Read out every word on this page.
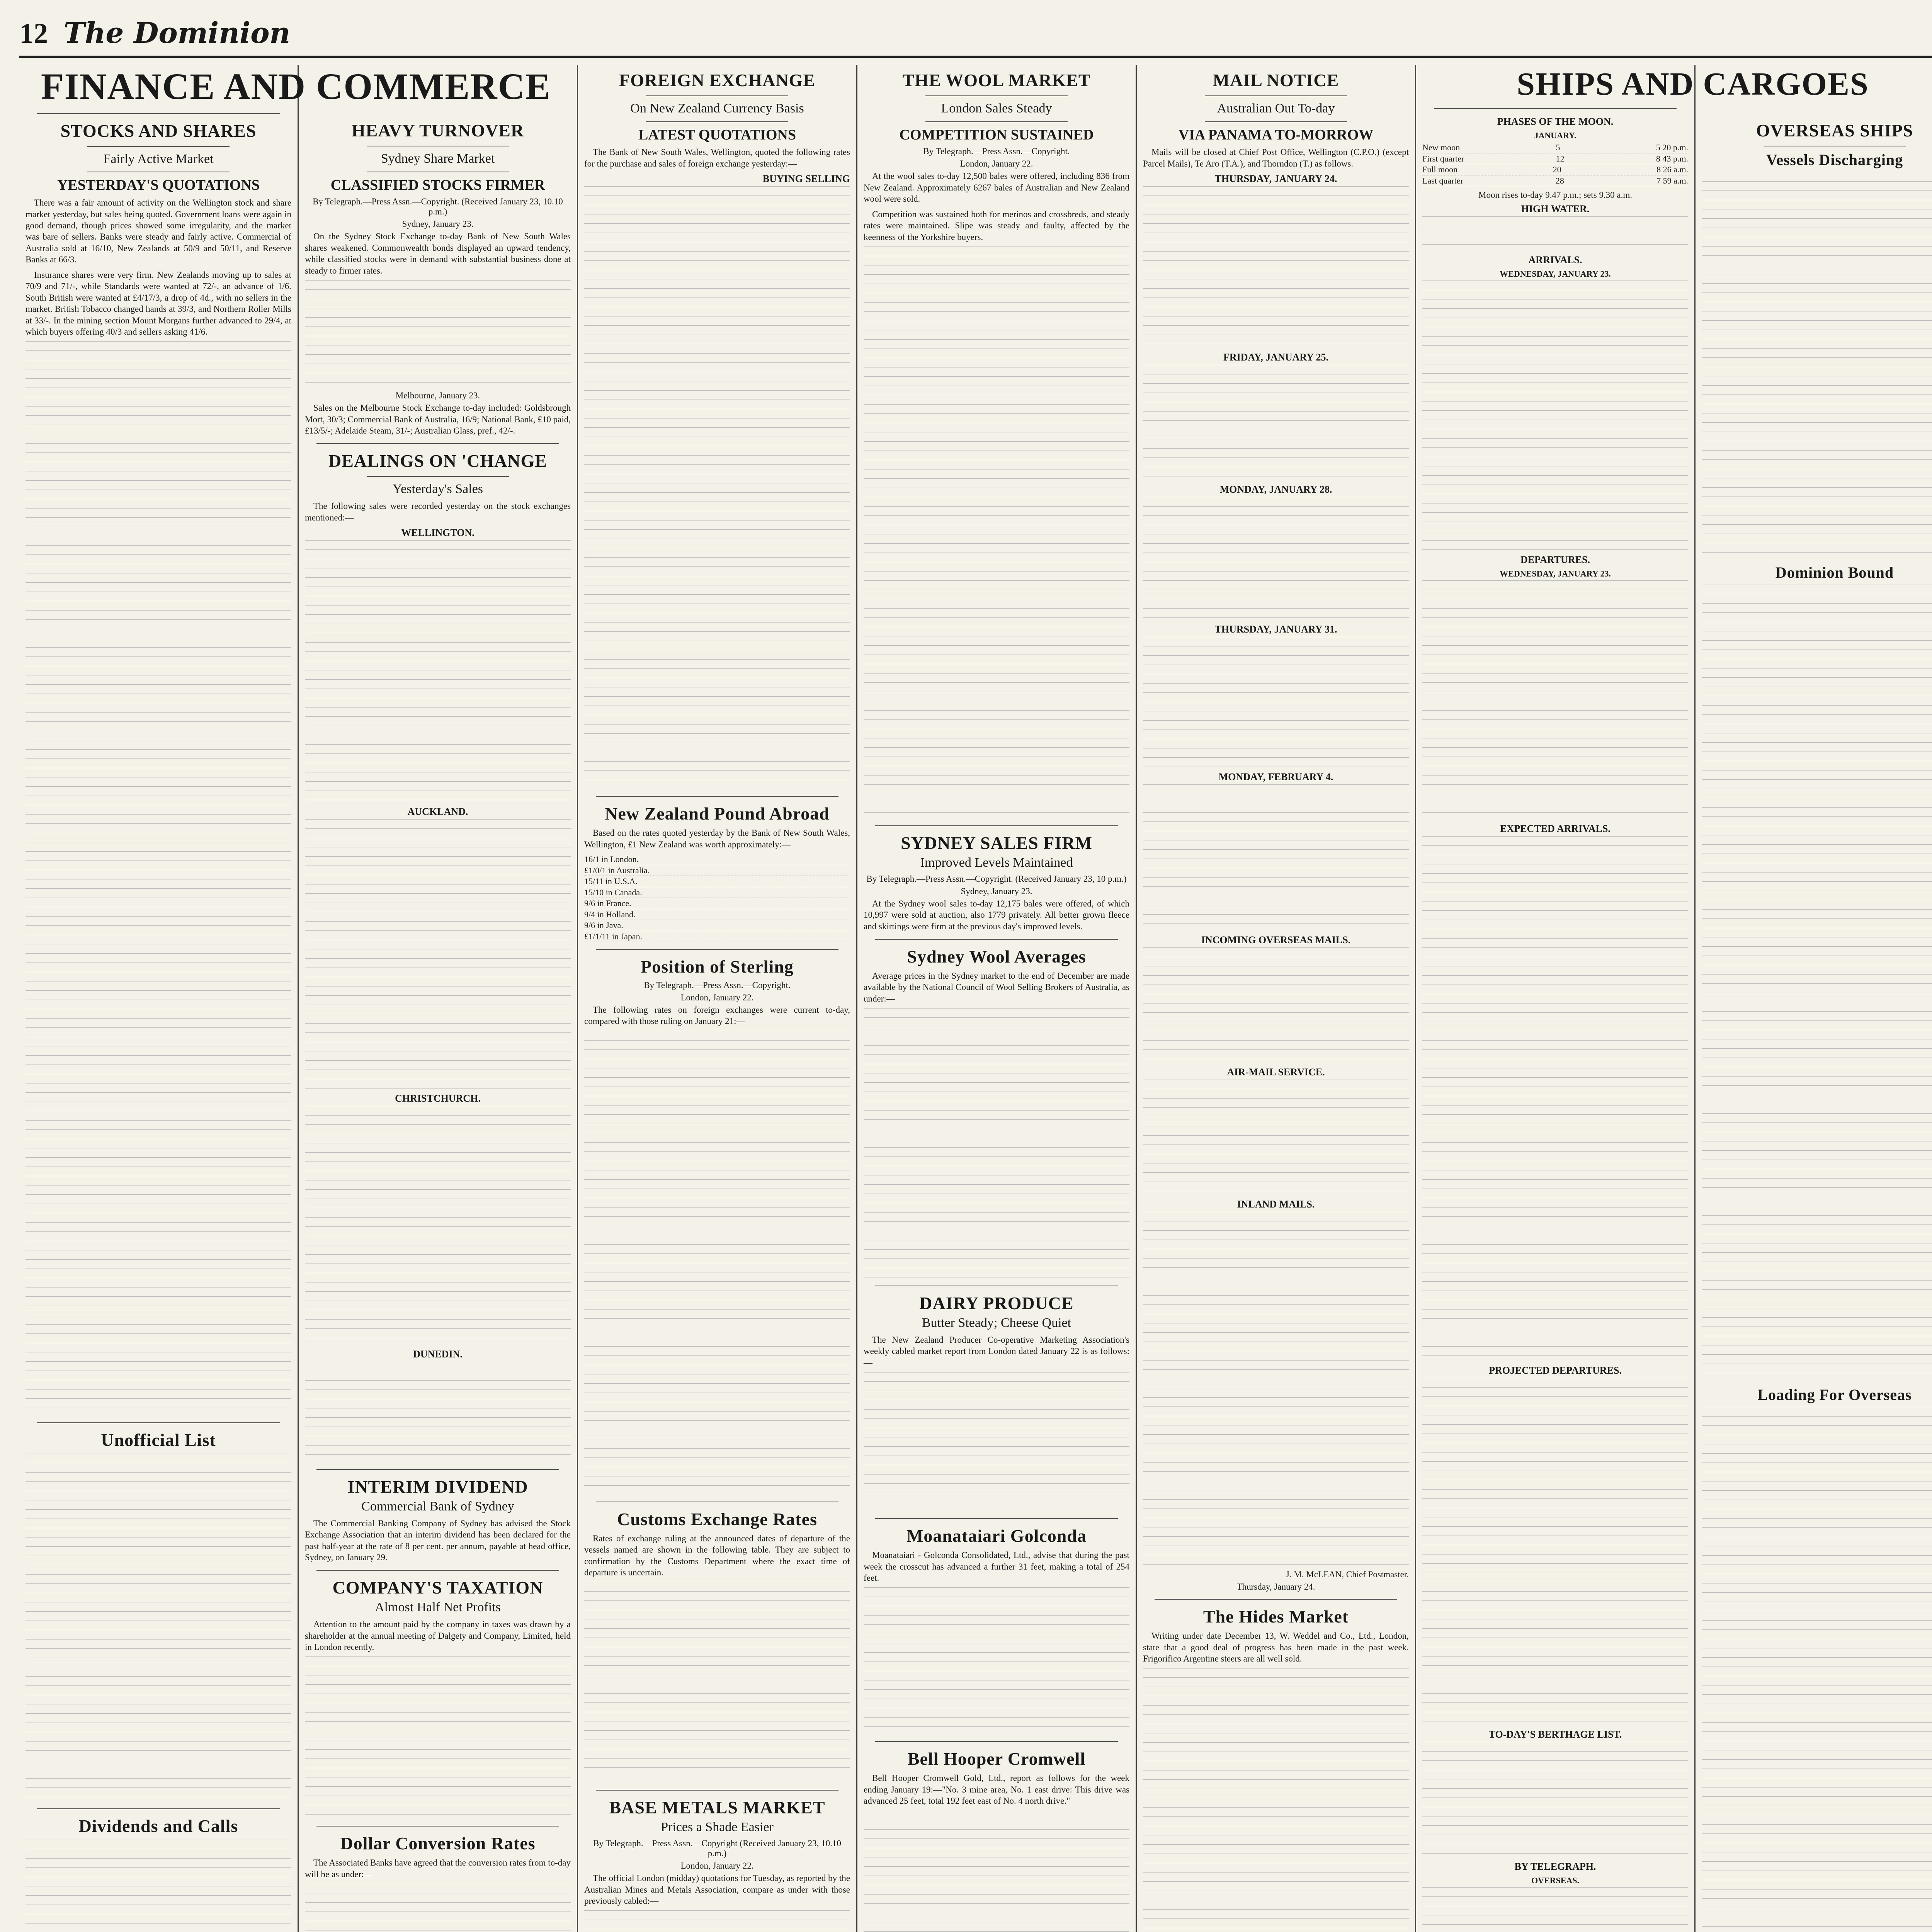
12 The Dominion
FINANCE AND COMMERCE
STOCKS AND SHARES
Fairly Active Market
YESTERDAY'S QUOTATIONS

There was a fair amount of activity on the Wellington stock and share market yesterday, but sales being quoted. Government loans were again in good demand, though prices showed some irregularity, and the market was bare of sellers. Banks were steady and fairly active. Commercial of Australia sold at 16/10, New Zealands at 50/9 and 50/11, and Reserve Banks at 66/3.

Insurance shares were very firm. New Zealands moving up to sales at 70/9 and 71/-, while Standards were wanted at 72/-, an advance of 1/6. South British were wanted at £4/17/3, a drop of 4d., with no sellers in the market. British Tobacco changed hands at 39/3, and Northern Roller Mills at 33/-. In the mining section Mount Morgans further advanced to 29/4, at which buyers offering 40/3 and sellers asking 41/6.

Unofficial List
Dividends and Calls
HEAVY TURNOVER
Sydney Share Market
CLASSIFIED STOCKS FIRMER

By Telegraph.—Press Assn.—Copyright. (Received January 23, 10.10 p.m.)

Sydney, January 23.

On the Sydney Stock Exchange to-day Bank of New South Wales shares weakened. Commonwealth bonds displayed an upward tendency, while classified stocks were in demand with substantial business done at steady to firmer rates.

Melbourne, January 23.

Sales on the Melbourne Stock Exchange to-day included: Goldsbrough Mort, 30/3; Commercial Bank of Australia, 16/9; National Bank, £10 paid, £13/5/-; Adelaide Steam, 31/-; Australian Glass, pref., 42/-.

DEALINGS ON 'CHANGE
Yesterday's Sales

The following sales were recorded yesterday on the stock exchanges mentioned:—

WELLINGTON.
AUCKLAND.
CHRISTCHURCH.
DUNEDIN.
INTERIM DIVIDEND
Commercial Bank of Sydney

The Commercial Banking Company of Sydney has advised the Stock Exchange Association that an interim dividend has been declared for the past half-year at the rate of 8 per cent. per annum, payable at head office, Sydney, on January 29.

COMPANY'S TAXATION
Almost Half Net Profits

Attention to the amount paid by the company in taxes was drawn by a shareholder at the annual meeting of Dalgety and Company, Limited, held in London recently.

Dollar Conversion Rates

The Associated Banks have agreed that the conversion rates from to-day will be as under:—

FOREIGN EXCHANGE
On New Zealand Currency Basis
LATEST QUOTATIONS

The Bank of New South Wales, Wellington, quoted the following rates for the purchase and sales of foreign exchange yesterday:—

BUYING SELLING
New Zealand Pound Abroad

Based on the rates quoted yesterday by the Bank of New South Wales, Wellington, £1 New Zealand was worth approximately:—

16/1 in London.
£1/0/1 in Australia.
15/11 in U.S.A.
15/10 in Canada.
9/6 in France.
9/4 in Holland.
9/6 in Java.
£1/1/11 in Japan.
Position of Sterling

By Telegraph.—Press Assn.—Copyright.

London, January 22.

The following rates on foreign exchanges were current to-day, compared with those ruling on January 21:—

Customs Exchange Rates

Rates of exchange ruling at the announced dates of departure of the vessels named are shown in the following table. They are subject to confirmation by the Customs Department where the exact time of departure is uncertain.

BASE METALS MARKET
Prices a Shade Easier

By Telegraph.—Press Assn.—Copyright (Received January 23, 10.10 p.m.)

London, January 22.

The official London (midday) quotations for Tuesday, as reported by the Australian Mines and Metals Association, compare as under with those previously cabled:—

THE WOOL MARKET
London Sales Steady
COMPETITION SUSTAINED

By Telegraph.—Press Assn.—Copyright.

London, January 22.

At the wool sales to-day 12,500 bales were offered, including 836 from New Zealand. Approximately 6267 bales of Australian and New Zealand wool were sold.

Competition was sustained both for merinos and crossbreds, and steady rates were maintained. Slipe was steady and faulty, affected by the keenness of the Yorkshire buyers.

SYDNEY SALES FIRM
Improved Levels Maintained

By Telegraph.—Press Assn.—Copyright. (Received January 23, 10 p.m.)

Sydney, January 23.

At the Sydney wool sales to-day 12,175 bales were offered, of which 10,997 were sold at auction, also 1779 privately. All better grown fleece and skirtings were firm at the previous day's improved levels.

Sydney Wool Averages

Average prices in the Sydney market to the end of December are made available by the National Council of Wool Selling Brokers of Australia, as under:—

DAIRY PRODUCE
Butter Steady; Cheese Quiet

The New Zealand Producer Co-operative Marketing Association's weekly cabled market report from London dated January 22 is as follows:—

Moanataiari Golconda

Moanataiari - Golconda Consolidated, Ltd., advise that during the past week the crosscut has advanced a further 31 feet, making a total of 254 feet.

Bell Hooper Cromwell

Bell Hooper Cromwell Gold, Ltd., report as follows for the week ending January 19:—"No. 3 mine area, No. 1 east drive: This drive was advanced 25 feet, total 192 feet east of No. 4 north drive."

MAIL NOTICE
Australian Out To-day
VIA PANAMA TO-MORROW

Mails will be closed at Chief Post Office, Wellington (C.P.O.) (except Parcel Mails), Te Aro (T.A.), and Thorndon (T.) as follows.

THURSDAY, JANUARY 24.
FRIDAY, JANUARY 25.
MONDAY, JANUARY 28.
THURSDAY, JANUARY 31.
MONDAY, FEBRUARY 4.
INCOMING OVERSEAS MAILS.
AIR-MAIL SERVICE.
INLAND MAILS.

J. M. McLEAN, Chief Postmaster.

Thursday, January 24.

The Hides Market

Writing under date December 13, W. Weddel and Co., Ltd., London, state that a good deal of progress has been made in the past week. Frigorifico Argentine steers are all well sold.

SHIPS AND CARGOES
PHASES OF THE MOON.
JANUARY.
New moon	5	5 20 p.m.
First quarter	12	8 43 p.m.
Full moon	20	8 26 a.m.
Last quarter	28	7 59 a.m.

Moon rises to-day 9.47 p.m.; sets 9.30 a.m.

HIGH WATER.
ARRIVALS.
WEDNESDAY, JANUARY 23.
DEPARTURES.
WEDNESDAY, JANUARY 23.
EXPECTED ARRIVALS.
PROJECTED DEPARTURES.
TO-DAY'S BERTHAGE LIST.
BY TELEGRAPH.
OVERSEAS.
OVERSEAS SHIPS
Vessels Discharging
Dominion Bound
Loading For Overseas
